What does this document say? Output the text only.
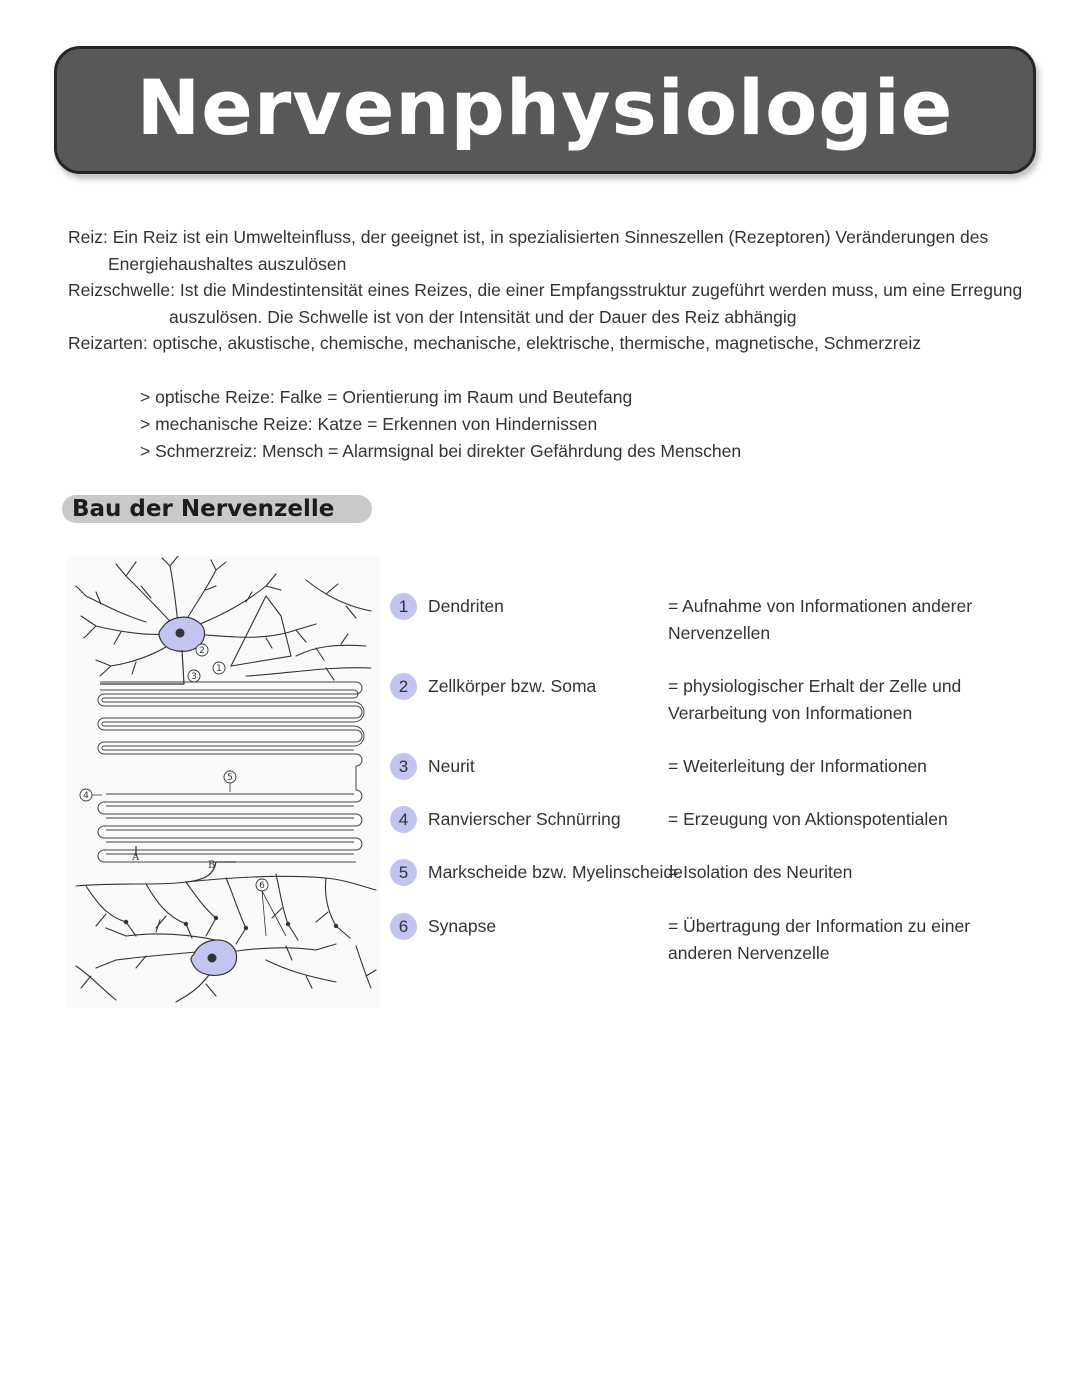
Nervenphysiologie

Reiz: Ein Reiz ist ein Umwelteinfluss, der geeignet ist, in spezialisierten Sinneszellen (Rezeptoren) Veränderungen des

Energiehaushaltes auszulösen

Reizschwelle: Ist die Mindestintensität eines Reizes, die einer Empfangsstruktur zugeführt werden muss, um eine Erregung

auszulösen. Die Schwelle ist von der Intensität und der Dauer des Reiz abhängig

Reizarten: optische, akustische, chemische, mechanische, elektrische, thermische, magnetische, Schmerzreiz

> optische Reize: Falke = Orientierung im Raum und Beutefang
> mechanische Reize: Katze = Erkennen von Hindernissen
> Schmerzreiz: Mensch = Alarmsignal bei direkter Gefährdung des Menschen
Bau der Nervenzelle
2
1
3
4
5
6
A
B
1	Dendriten	= Aufnahme von Informationen anderer Nervenzellen
2	Zellkörper bzw. Soma	= physiologischer Erhalt der Zelle und Verarbeitung von Informationen
3	Neurit	= Weiterleitung der Informationen
4	Ranvierscher Schnürring	= Erzeugung von Aktionspotentialen
5	Markscheide bzw. Myelinscheide
= Isolation des Neuriten
6	Synapse	= Übertragung der Information zu einer anderen Nervenzelle
